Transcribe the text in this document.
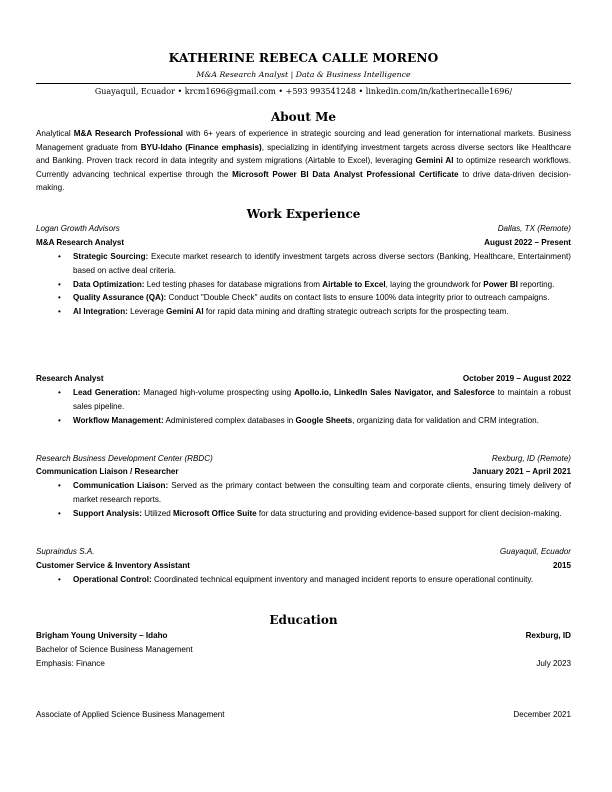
KATHERINE REBECA CALLE MORENO
M&A Research Analyst | Data & Business Intelligence
Guayaquil, Ecuador • krcm1696@gmail.com • +593 993541248 • linkedin.com/in/katherinecalle1696/
About Me
Analytical M&A Research Professional with 6+ years of experience in strategic sourcing and lead generation for international markets. Business Management graduate from BYU-Idaho (Finance emphasis), specializing in identifying investment targets across diverse sectors like Healthcare and Banking. Proven track record in data integrity and system migrations (Airtable to Excel), leveraging Gemini AI to optimize research workflows. Currently advancing technical expertise through the Microsoft Power BI Data Analyst Professional Certificate to drive data-driven decision-making.
Work Experience
Logan Growth Advisors	Dallas, TX (Remote)
M&A Research Analyst	August 2022 – Present
• Strategic Sourcing: Execute market research to identify investment targets across diverse sectors (Banking, Healthcare, Entertainment) based on active deal criteria.
• Data Optimization: Led testing phases for database migrations from Airtable to Excel, laying the groundwork for Power BI reporting.
• Quality Assurance (QA): Conduct "Double Check" audits on contact lists to ensure 100% data integrity prior to outreach campaigns.
• AI Integration: Leverage Gemini AI for rapid data mining and drafting strategic outreach scripts for the prospecting team.
Research Analyst	October 2019 – August 2022
• Lead Generation: Managed high-volume prospecting using Apollo.io, LinkedIn Sales Navigator, and Salesforce to maintain a robust sales pipeline.
• Workflow Management: Administered complex databases in Google Sheets, organizing data for validation and CRM integration.
Research Business Development Center (RBDC)	Rexburg, ID (Remote)
Communication Liaison / Researcher	January 2021 – April 2021
• Communication Liaison: Served as the primary contact between the consulting team and corporate clients, ensuring timely delivery of market research reports.
• Support Analysis: Utilized Microsoft Office Suite for data structuring and providing evidence-based support for client decision-making.
Supraindus S.A.	Guayaquil, Ecuador
Customer Service & Inventory Assistant	2015
• Operational Control: Coordinated technical equipment inventory and managed incident reports to ensure operational continuity.
Education
Brigham Young University – Idaho	Rexburg, ID
Bachelor of Science Business Management
Emphasis: Finance	July 2023
Associate of Applied Science Business Management	December 2021
